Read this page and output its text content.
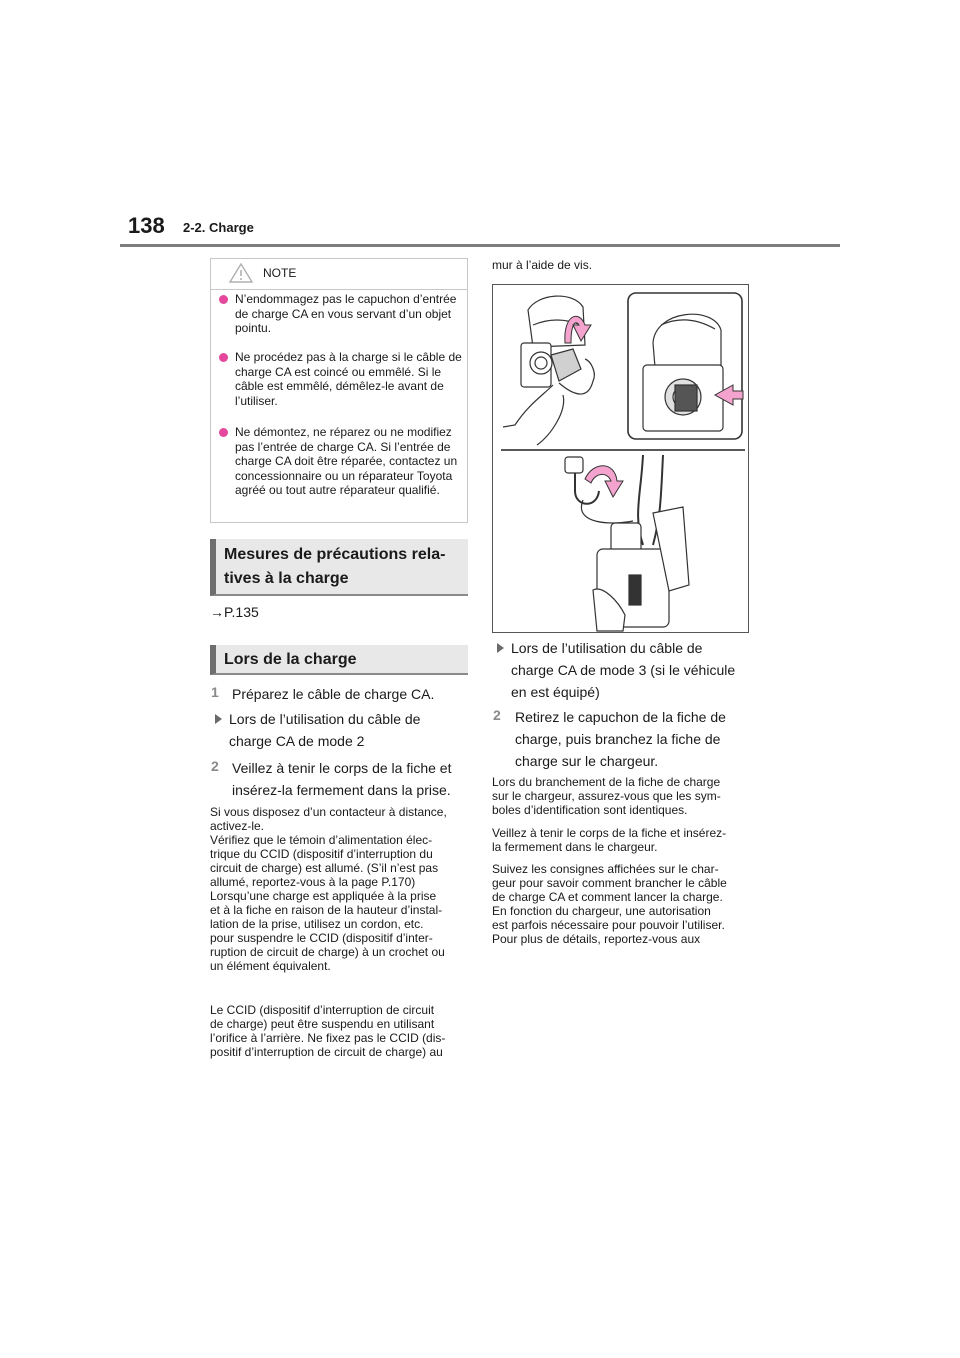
138 2-2. Charge
NOTE
N’endommagez pas le capuchon d’entrée de charge CA en vous servant d’un objet pointu.
Ne procédez pas à la charge si le câble de charge CA est coincé ou emmêlé. Si le câble est emmêlé, démêlez-le avant de l’utiliser.
Ne démontez, ne réparez ou ne modifiez pas l’entrée de charge CA. Si l’entrée de charge CA doit être réparée, contactez un concessionnaire ou un réparateur Toyota agréé ou tout autre réparateur qualifié.
Mesures de précautions rela-
tives à la charge
→P.135
Lors de la charge
1 Préparez le câble de charge CA.
Lors de l’utilisation du câble de
charge CA de mode 2
2 Veillez à tenir le corps de la fiche et
insérez-la fermement dans la prise.
Si vous disposez d’un contacteur à distance,
activez-le.
Vérifiez que le témoin d’alimentation élec-
trique du CCID (dispositif d’interruption du
circuit de charge) est allumé. (S’il n’est pas
allumé, reportez-vous à la page P.170)
Lorsqu’une charge est appliquée à la prise
et à la fiche en raison de la hauteur d’instal-
lation de la prise, utilisez un cordon, etc.
pour suspendre le CCID (dispositif d’inter-
ruption de circuit de charge) à un crochet ou
un élément équivalent.
Le CCID (dispositif d’interruption de circuit
de charge) peut être suspendu en utilisant
l’orifice à l’arrière. Ne fixez pas le CCID (dis-
positif d’interruption de circuit de charge) au
mur à l’aide de vis.
Lors de l’utilisation du câble de
charge CA de mode 3 (si le véhicule
en est équipé)
2 Retirez le capuchon de la fiche de
charge, puis branchez la fiche de
charge sur le chargeur.
Lors du branchement de la fiche de charge
sur le chargeur, assurez-vous que les sym-
boles d’identification sont identiques.
Veillez à tenir le corps de la fiche et insérez-
la fermement dans le chargeur.
Suivez les consignes affichées sur le char-
geur pour savoir comment brancher le câble
de charge CA et comment lancer la charge.
En fonction du chargeur, une autorisation
est parfois nécessaire pour pouvoir l’utiliser.
Pour plus de détails, reportez-vous aux
